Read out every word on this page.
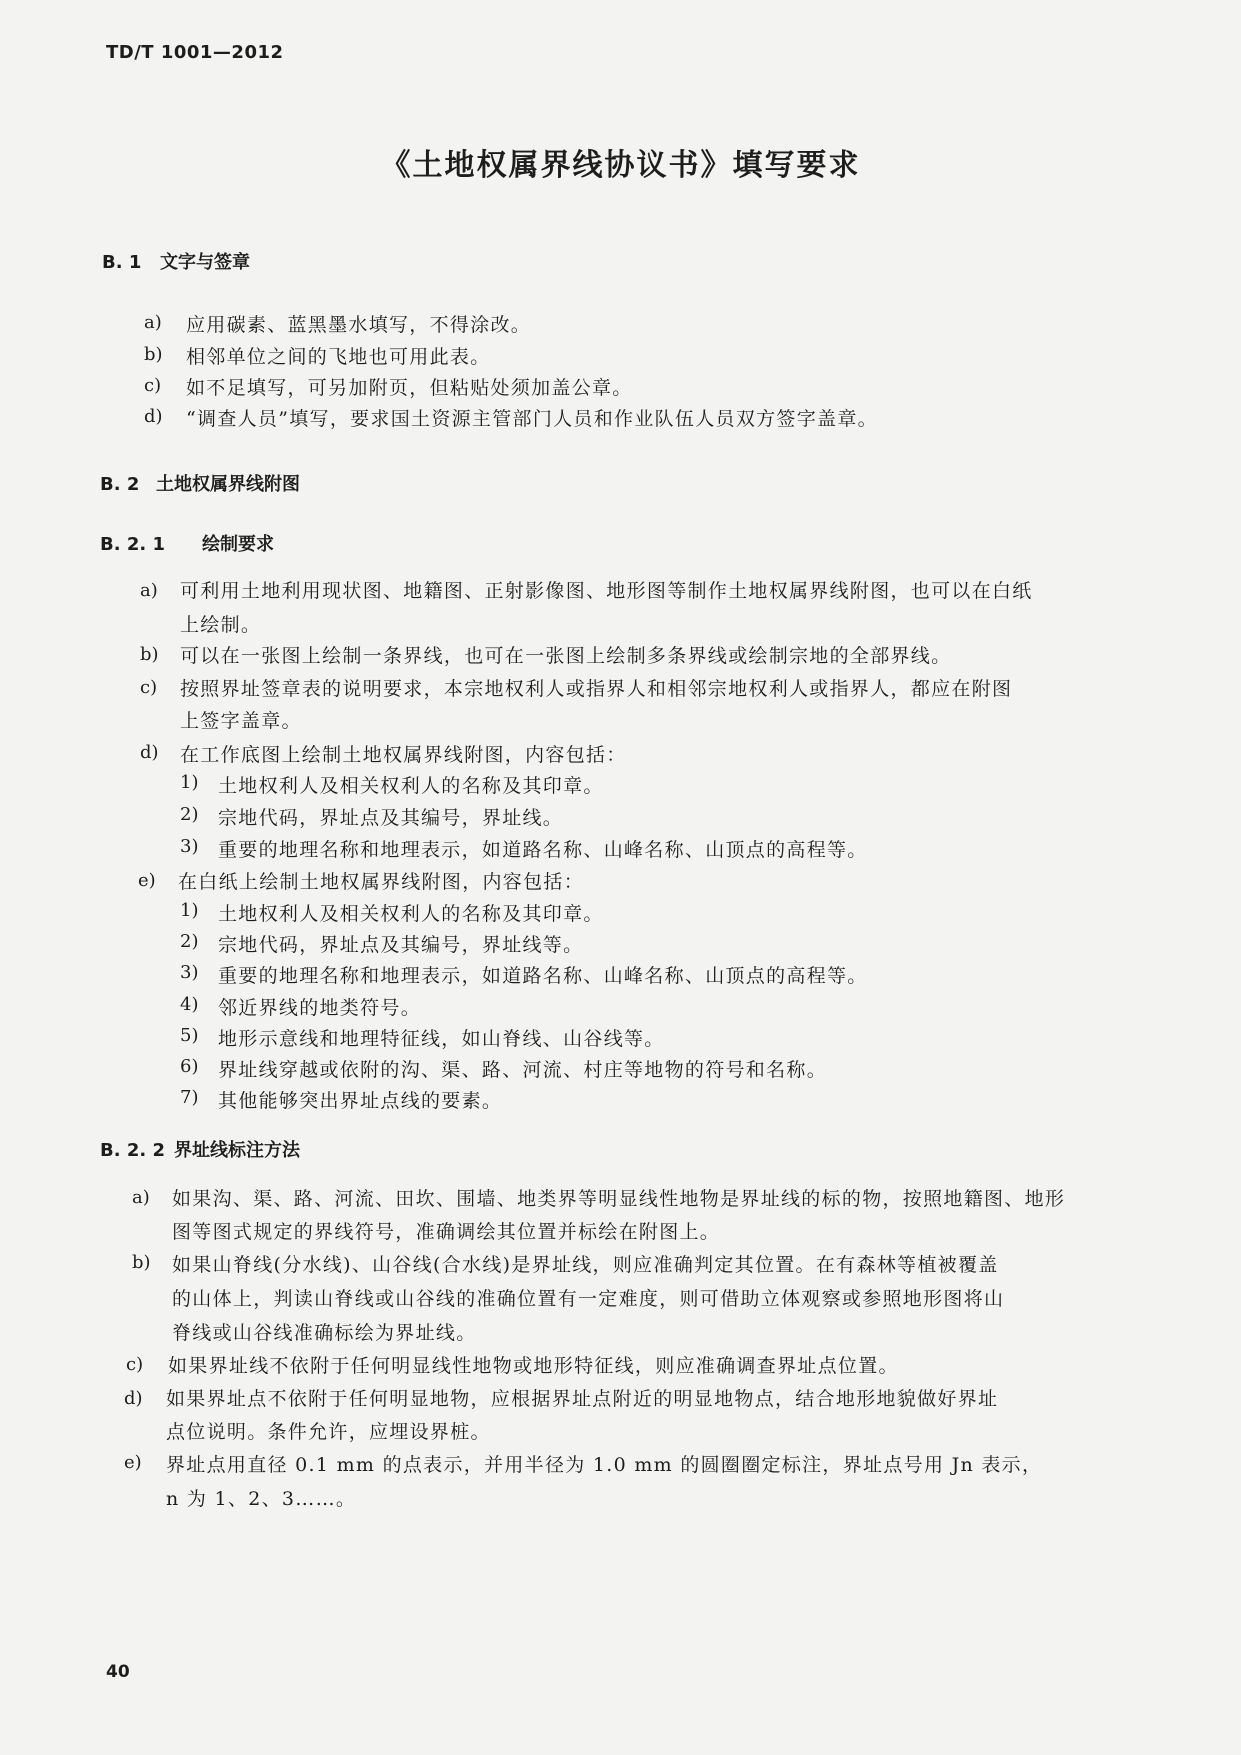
TD/T 1001—2012
《土地权属界线协议书》填写要求
B. 1 文字与签章
a) 应用碳素、蓝黑墨水填写，不得涂改。
b) 相邻单位之间的飞地也可用此表。
c) 如不足填写，可另加附页，但粘贴处须加盖公章。
d) “调查人员”填写，要求国土资源主管部门人员和作业队伍人员双方签字盖章。
B. 2 土地权属界线附图
B. 2. 1 绘制要求
a) 可利用土地利用现状图、地籍图、正射影像图、地形图等制作土地权属界线附图，也可以在白纸
上绘制。
b) 可以在一张图上绘制一条界线，也可在一张图上绘制多条界线或绘制宗地的全部界线。
c) 按照界址签章表的说明要求，本宗地权利人或指界人和相邻宗地权利人或指界人，都应在附图
上签字盖章。
d) 在工作底图上绘制土地权属界线附图，内容包括：
1) 土地权利人及相关权利人的名称及其印章。
2) 宗地代码，界址点及其编号，界址线。
3) 重要的地理名称和地理表示，如道路名称、山峰名称、山顶点的高程等。
e) 在白纸上绘制土地权属界线附图，内容包括：
1) 土地权利人及相关权利人的名称及其印章。
2) 宗地代码，界址点及其编号，界址线等。
3) 重要的地理名称和地理表示，如道路名称、山峰名称、山顶点的高程等。
4) 邻近界线的地类符号。
5) 地形示意线和地理特征线，如山脊线、山谷线等。
6) 界址线穿越或依附的沟、渠、路、河流、村庄等地物的符号和名称。
7) 其他能够突出界址点线的要素。
B. 2. 2 界址线标注方法
a) 如果沟、渠、路、河流、田坎、围墙、地类界等明显线性地物是界址线的标的物，按照地籍图、地形
图等图式规定的界线符号，准确调绘其位置并标绘在附图上。
b) 如果山脊线(分水线)、山谷线(合水线)是界址线，则应准确判定其位置。在有森林等植被覆盖
的山体上，判读山脊线或山谷线的准确位置有一定难度，则可借助立体观察或参照地形图将山
脊线或山谷线准确标绘为界址线。
c) 如果界址线不依附于任何明显线性地物或地形特征线，则应准确调查界址点位置。
d) 如果界址点不依附于任何明显地物，应根据界址点附近的明显地物点，结合地形地貌做好界址
点位说明。条件允许，应埋设界桩。
e) 界址点用直径 0.1 mm 的点表示，并用半径为 1.0 mm 的圆圈圈定标注，界址点号用 Jn 表示，
n 为 1、2、3……。
40
